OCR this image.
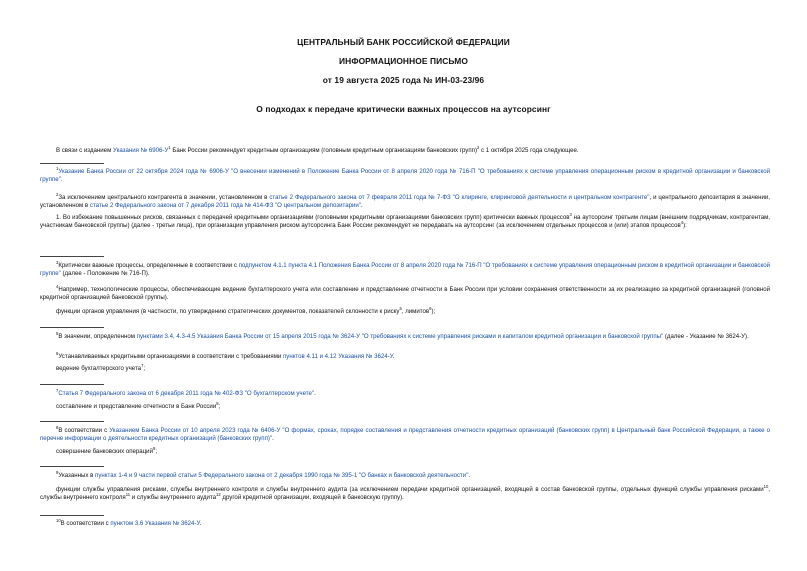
ЦЕНТРАЛЬНЫЙ БАНК РОССИЙСКОЙ ФЕДЕРАЦИИ
ИНФОРМАЦИОННОЕ ПИСЬМО
от 19 августа 2025 года № ИН-03-23/96
О подходах к передаче критически важных процессов на аутсорсинг
В связи с изданием Указания № $6906-У^1$ Банк России рекомендует кредитным организациям (головным кредитным организациям банковских групп)$^2$ с 1 октября 2025 года следующее.
$^1$Указание Банка России от 22 октября 2024 года № 6906-У "О внесении изменений в Положение Банка России от 8 апреля 2020 года № 716-П "О требованиях к системе управления операционным риском в кредитной организации и банковской группе".
$^2$За исключением центрального контрагента в значении, установленном в статье 2 Федерального закона от 7 февраля 2011 года № 7-ФЗ "О клиринге, клиринговой деятельности и центральном контрагенте", и центрального депозитария в значении, установленном в статье 2 Федерального закона от 7 декабря 2011 года № 414-ФЗ "О центральном депозитарии".
1. Во избежание повышенных рисков, связанных с передачей кредитными организациями (головными кредитными организациями банковских групп) критически важных процессов$^3$ на аутсорсинг третьим лицам (внешним подрядчикам, контрагентам, участникам банковской группы) (далее - третьи лица), при организации управления риском аутсорсинга Банк России рекомендует не передавать на аутсорсинг (за исключением отдельных процессов и (или) этапов процессов$^4$):
$^3$Критически важные процессы, определенные в соответствии с подпунктом 4.1.1 пункта 4.1 Положения Банка России от 8 апреля 2020 года № 716-П "О требованиях к системе управления операционным риском в кредитной организации и банковской группе" (далее - Положение № 716-П).
$^4$Например, технологические процессы, обеспечивающие ведение бухгалтерского учета или составление и представление отчетности в Банк России при условии сохранения ответственности за их реализацию за кредитной организацией (головной кредитной организацией банковской группы).
функции органов управления (в частности, по утверждению стратегических документов, показателей склонности к риску$^5$, лимитов$^6$);
$^5$В значении, определенном пунктами 3.4, 4.3-4.5 Указания Банка России от 15 апреля 2015 года № 3624-У "О требованиях к системе управления рисками и капиталом кредитной организации и банковской группы" (далее - Указание № 3624-У).
$^6$Устанавливаемых кредитными организациями в соответствии с требованиями пунктов 4.11 и 4.12 Указания № 3624-У.
ведение бухгалтерского учета$^7$;
$^7$Статья 7 Федерального закона от 6 декабря 2011 года № 402-ФЗ "О бухгалтерском учете".
составление и представление отчетности в Банк России$^8$;
$^8$В соответствии с Указанием Банка России от 10 апреля 2023 года № 6406-У "О формах, сроках, порядке составления и представления отчетности кредитных организаций (банковских групп) в Центральный банк Российской Федерации, а также о перечне информации о деятельности кредитных организаций (банковских групп)".
совершение банковских операций$^9$;
$^9$Указанных в пунктах 1-4 и 9 части первой статьи 5 Федерального закона от 2 декабря 1990 года № 395-1 "О банках и банковской деятельности".
функции службы управления рисками, службы внутреннего контроля и службы внутреннего аудита (за исключением передачи кредитной организацией, входящей в состав банковской группы, отдельных функций службы управления рисками$^{10}$, службы внутреннего контроля$^{11}$ и службы внутреннего аудита$^{12}$ другой кредитной организации, входящей в банковскую группу).
$^{10}$В соответствии с пунктом 3.6 Указания № 3624-У.
